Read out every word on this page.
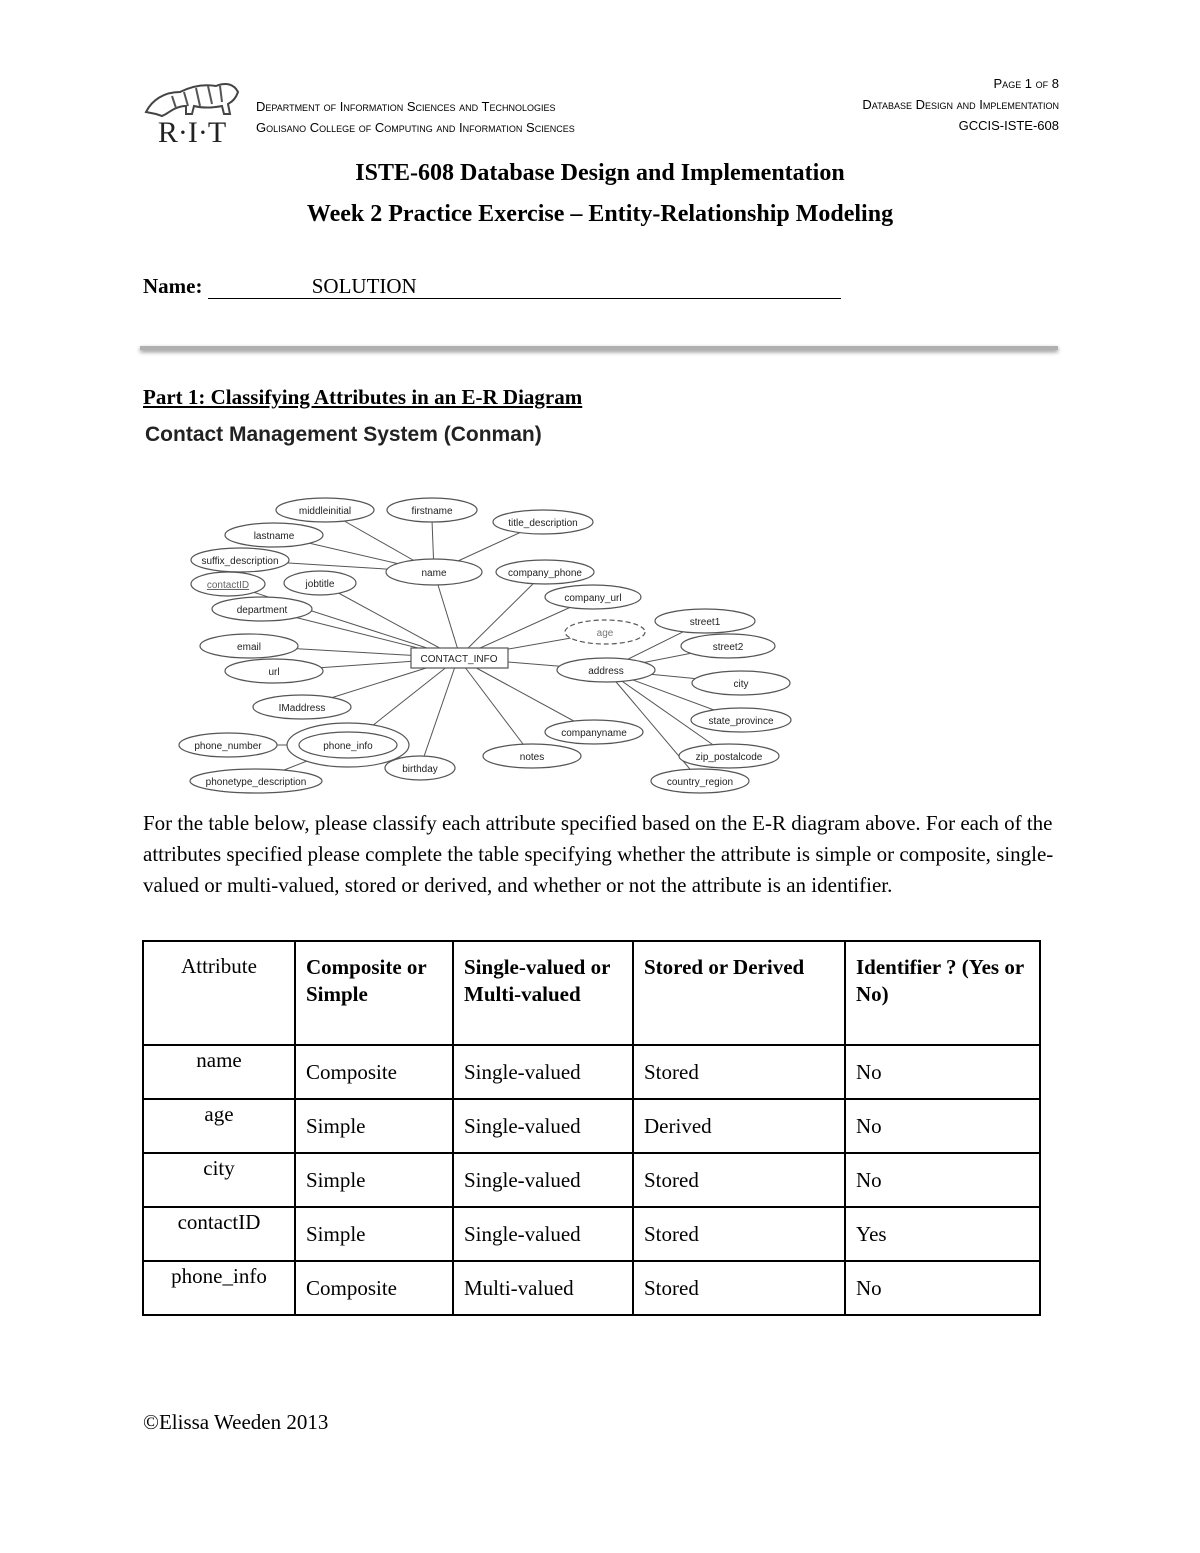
R·I·T
Department of Information Sciences and Technologies
Golisano College of Computing and Information Sciences
Page 1 of 8
Database Design and Implementation
GCCIS-ISTE-608
ISTE-608 Database Design and Implementation
Week 2 Practice Exercise – Entity-Relationship Modeling
Name:	SOLUTION
Part 1: Classifying Attributes in an E-R Diagram
Contact Management System (Conman)
middleinitial	firstname
title_description
lastname
suffix_description
name	company_phone
contactID	jobtitle
company_url
department
age
street1
street2
email
CONTACT_INFO
address
url
city
IMaddress
state_province
companyname
phone_number	phone_info
zip_postalcode
notes
birthday
country_region
phonetype_description
For the table below, please classify each attribute specified based on the E-R diagram above. For each of the attributes specified please complete the table specifying whether the attribute is simple or composite, single-valued or multi-valued, stored or derived, and whether or not the attribute is an identifier.
Attribute	Composite or Simple	Single-valued or Multi-valued	Stored or Derived	Identifier ? (Yes or No)
name	Composite	Single-valued	Stored	No
age	Simple	Single-valued	Derived	No
city	Simple	Single-valued	Stored	No
contactID	Simple	Single-valued	Stored	Yes
phone_info	Composite	Multi-valued	Stored	No
©Elissa Weeden 2013
